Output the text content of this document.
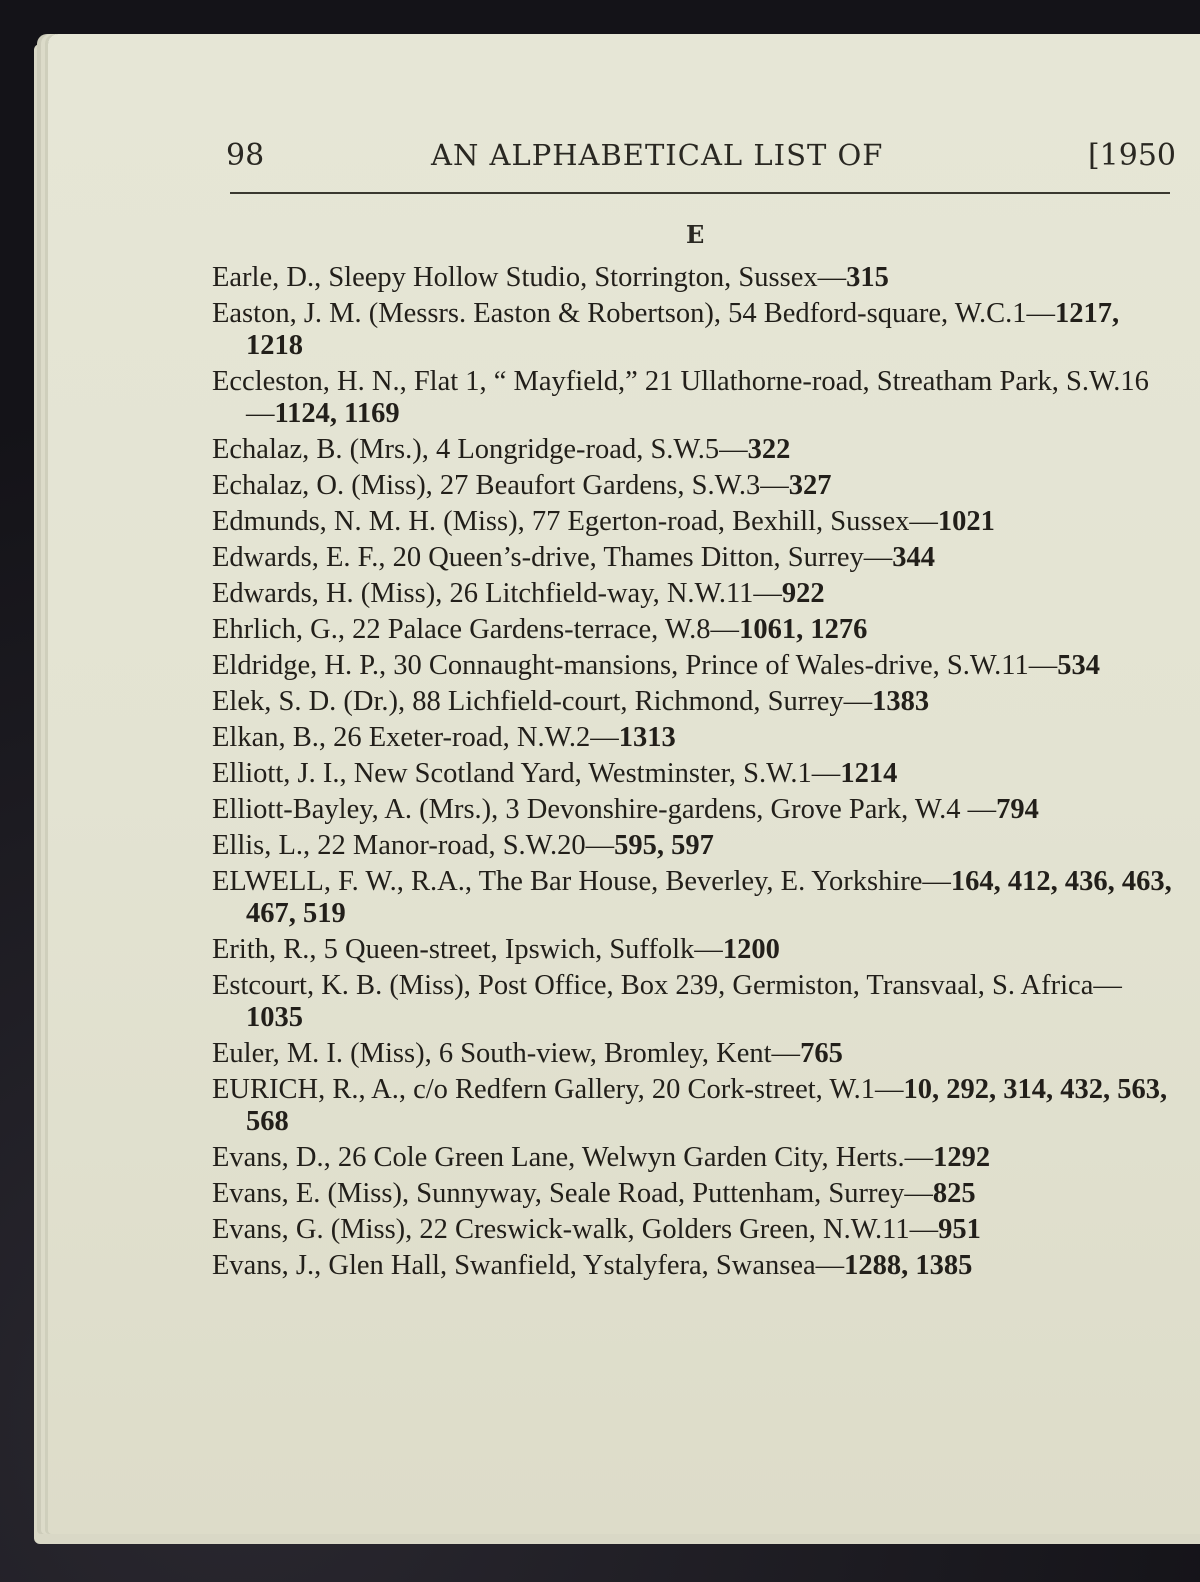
98	AN ALPHABETICAL LIST OF	[1950
E
Earle, D., Sleepy Hollow Studio, Storrington, Sussex—315
Easton, J. M. (Messrs. Easton & Robertson), 54 Bedford-square, W.C.1—1217, 1218
Eccleston, H. N., Flat 1, “ Mayfield,” 21 Ullathorne-road, Streatham Park, S.W.16—1124, 1169
Echalaz, B. (Mrs.), 4 Longridge-road, S.W.5—322
Echalaz, O. (Miss), 27 Beaufort Gardens, S.W.3—327
Edmunds, N. M. H. (Miss), 77 Egerton-road, Bexhill, Sussex—1021
Edwards, E. F., 20 Queen’s-drive, Thames Ditton, Surrey—344
Edwards, H. (Miss), 26 Litchfield-way, N.W.11—922
Ehrlich, G., 22 Palace Gardens-terrace, W.8—1061, 1276
Eldridge, H. P., 30 Connaught-mansions, Prince of Wales-drive, S.W.11—534
Elek, S. D. (Dr.), 88 Lichfield-court, Richmond, Surrey—1383
Elkan, B., 26 Exeter-road, N.W.2—1313
Elliott, J. I., New Scotland Yard, Westminster, S.W.1—1214
Elliott-Bayley, A. (Mrs.), 3 Devonshire-gardens, Grove Park, W.4 —794
Ellis, L., 22 Manor-road, S.W.20—595, 597
ELWELL, F. W., R.A., The Bar House, Beverley, E. Yorkshire—164, 412, 436, 463, 467, 519
Erith, R., 5 Queen-street, Ipswich, Suffolk—1200
Estcourt, K. B. (Miss), Post Office, Box 239, Germiston, Transvaal, S. Africa—1035
Euler, M. I. (Miss), 6 South-view, Bromley, Kent—765
EURICH, R., A., c/o Redfern Gallery, 20 Cork-street, W.1—10, 292, 314, 432, 563, 568
Evans, D., 26 Cole Green Lane, Welwyn Garden City, Herts.—1292
Evans, E. (Miss), Sunnyway, Seale Road, Puttenham, Surrey—825
Evans, G. (Miss), 22 Creswick-walk, Golders Green, N.W.11—951
Evans, J., Glen Hall, Swanfield, Ystalyfera, Swansea—1288, 1385
